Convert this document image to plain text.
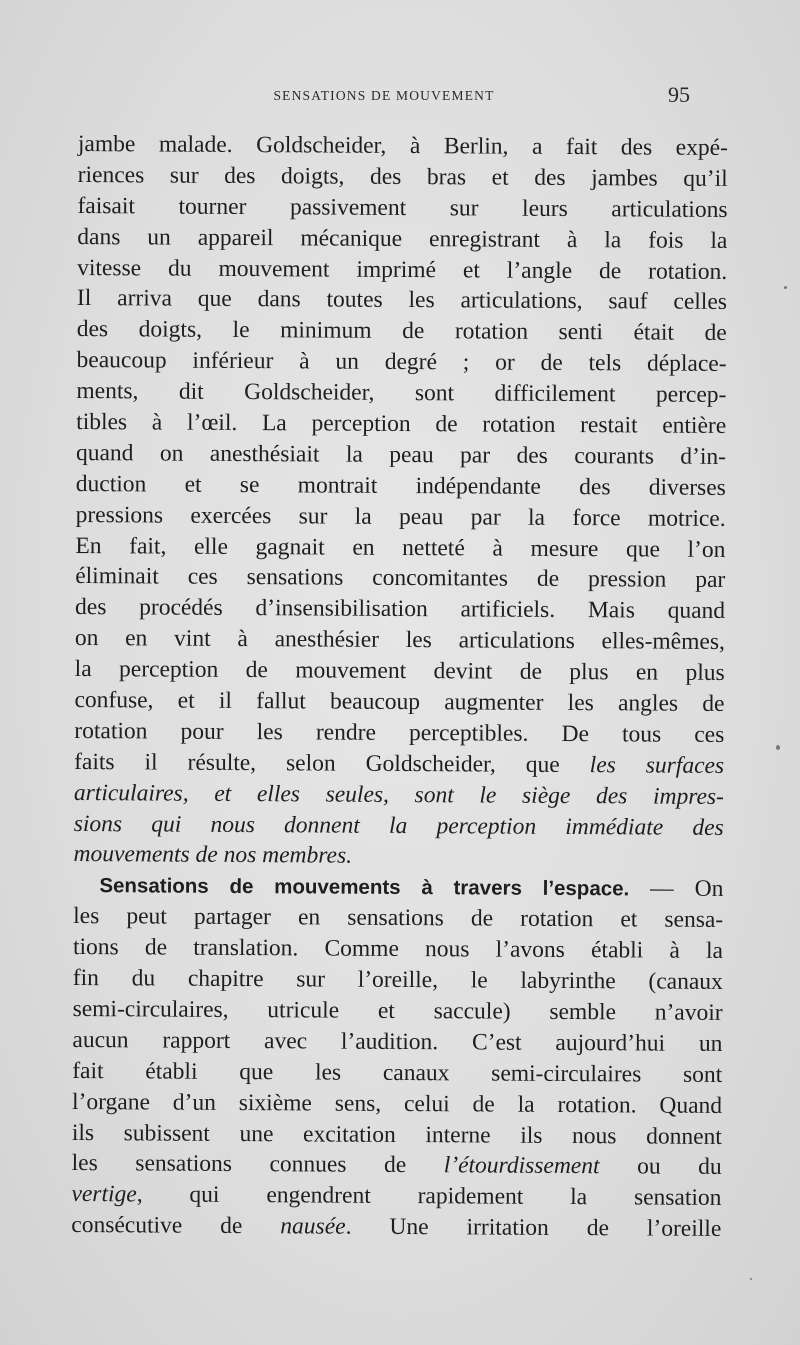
SENSATIONS DE MOUVEMENT	95
jambe malade. Goldscheider, à Berlin, a fait des expé-
riences sur des doigts, des bras et des jambes qu’il
faisait tourner passivement sur leurs articulations
dans un appareil mécanique enregistrant à la fois la
vitesse du mouvement imprimé et l’angle de rotation.
Il arriva que dans toutes les articulations, sauf celles
des doigts, le minimum de rotation senti était de
beaucoup inférieur à un degré ; or de tels déplace-
ments, dit Goldscheider, sont difficilement percep-
tibles à l’œil. La perception de rotation restait entière
quand on anesthésiait la peau par des courants d’in-
duction et se montrait indépendante des diverses
pressions exercées sur la peau par la force motrice.
En fait, elle gagnait en netteté à mesure que l’on
éliminait ces sensations concomitantes de pression par
des procédés d’insensibilisation artificiels. Mais quand
on en vint à anesthésier les articulations elles-mêmes,
la perception de mouvement devint de plus en plus
confuse, et il fallut beaucoup augmenter les angles de
rotation pour les rendre perceptibles. De tous ces
faits il résulte, selon Goldscheider, que les surfaces
articulaires, et elles seules, sont le siège des impres-
sions qui nous donnent la perception immédiate des
mouvements de nos membres.
Sensations de mouvements à travers l’espace. — On
les peut partager en sensations de rotation et sensa-
tions de translation. Comme nous l’avons établi à la
fin du chapitre sur l’oreille, le labyrinthe (canaux
semi-circulaires, utricule et saccule) semble n’avoir
aucun rapport avec l’audition. C’est aujourd’hui un
fait établi que les canaux semi-circulaires sont
l’organe d’un sixième sens, celui de la rotation. Quand
ils subissent une excitation interne ils nous donnent
les sensations connues de l’étourdissement ou du
vertige, qui engendrent rapidement la sensation
consécutive de nausée. Une irritation de l’oreille
